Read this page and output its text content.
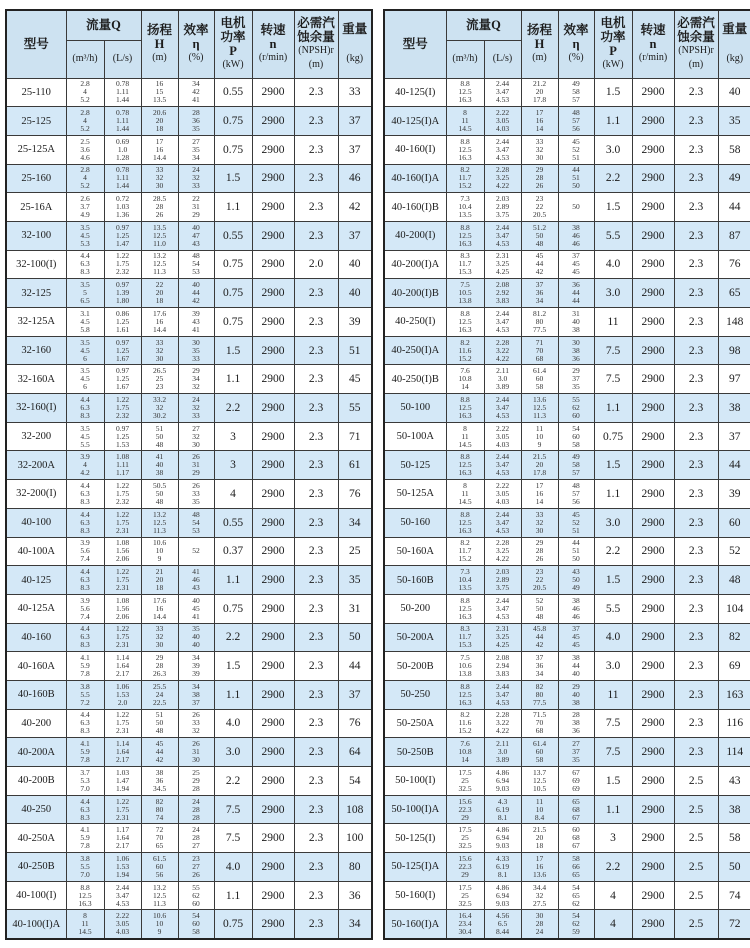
型号	流量Q		扬程
H
(m)	效率
η
(%)	电机
功率
P
(kW)	转速
n
(r/min)	必需汽
蚀余量
(NPSH)r
(m)	重量
(kg)

	(m³/h)	(L/s)						
25-110	2.8
4
5.2	0.78
1.11
1.44	16
15
13.5	34
42
41	0.55	2900	2.3	33
25-125	2.8
4
5.2	0.78
1.11
1.44	20.6
20
18	28
36
35	0.75	2900	2.3	37
25-125A	2.5
3.6
4.6	0.69
1.0
1.28	17
16
14.4	27
35
34	0.75	2900	2.3	37
25-160	2.8
4
5.2	0.78
1.11
1.44	33
32
30	24
32
33	1.5	2900	2.3	46
25-16A	2.6
3.7
4.9	0.72
1.03
1.36	28.5
28
26	22
31
29	1.1	2900	2.3	42
32-100	3.5
4.5
5.3	0.97
1.25
1.47	13.5
12.5
11.0	40
47
43	0.55	2900	2.3	37
32-100(I)	4.4
6.3
8.3	1.22
1.75
2.32	13.2
12.5
11.3	48
54
53	0.75	2900	2.0	40
32-125	3.5
5
6.5	0.97
1.39
1.80	22
20
18	40
44
42	0.75	2900	2.3	40
32-125A	3.1
4.5
5.8	0.86
1.25
1.61	17.6
16
14.4	39
43
41	0.75	2900	2.3	39
32-160	3.5
4.5
6	0.97
1.25
1.67	33
32
30	30
35
33	1.5	2900	2.3	51
32-160A	3.5
4.5
6	0.97
1.25
1.67	26.5
25
23	29
34
32	1.1	2900	2.3	45
32-160(I)	4.4
6.3
8.3	1.22
1.75
2.32	33.2
32
30.2	24
32
33	2.2	2900	2.3	55
32-200	3.5
4.5
5.5	0.97
1.25
1.53	51
50
48	27
32
30	3	2900	2.3	71
32-200A	3.9
4
4.2	1.08
1.11
1.17	41
40
38	26
31
29	3	2900	2.3	61
32-200(I)	4.4
6.3
8.3	1.22
1.75
2.32	50.5
50
48	26
33
35	4	2900	2.3	76
40-100	4.4
6.3
8.3	1.22
1.75
2.31	13.2
12.5
11.3	48
54
53	0.55	2900	2.3	34
40-100A	3.9
5.6
7.4	1.08
1.56
2.06	10.6
10
9	52	0.37	2900	2.3	25
40-125	4.4
6.3
8.3	1.22
1.75
2.31	21
20
18	41
46
43	1.1	2900	2.3	35
40-125A	3.9
5.6
7.4	1.08
1.56
2.06	17.6
16
14.4	40
45
41	0.75	2900	2.3	31
40-160	4.4
6.3
8.3	1.22
1.75
2.31	33
32
30	35
40
40	2.2	2900	2.3	50
40-160A	4.1
5.9
7.8	1.14
1.64
2.17	29
28
26.3	34
39
39	1.5	2900	2.3	44
40-160B	3.8
5.5
7.2	1.06
1.53
2.0	25.5
24
22.5	34
38
37	1.1	2900	2.3	37
40-200	4.4
6.3
8.3	1.22
1.75
2.31	51
50
48	26
33
32	4.0	2900	2.3	76
40-200A	4.1
5.9
7.8	1.14
1.64
2.17	45
44
42	26
31
30	3.0	2900	2.3	64
40-200B	3.7
5.3
7.0	1.03
1.47
1.94	38
36
34.5	25
29
28	2.2	2900	2.3	54
40-250	4.4
6.3
8.3	1.22
1.75
2.31	82
80
74	24
28
28	7.5	2900	2.3	108
40-250A	4.1
5.9
7.8	1.17
1.64
2.17	72
70
65	24
28
27	7.5	2900	2.3	100
40-250B	3.8
5.5
7.0	1.06
1.53
1.94	61.5
60
56	23
27
26	4.0	2900	2.3	80
40-100(I)	8.8
12.5
16.3	2.44
3.47
4.53	13.2
12.5
11.3	55
62
60	1.1	2900	2.3	36
40-100(I)A	8
11
14.5	2.22
3.05
4.03	10.6
10
9	54
60
58	0.75	2900	2.3	34
型号	流量Q		扬程
H
(m)	效率
η
(%)	电机
功率
P
(kW)	转速
n
(r/min)	必需汽
蚀余量
(NPSH)r
(m)	重量
(kg)

	(m³/h)	(L/s)						
40-125(I)	8.8
12.5
16.3	2.44
3.47
4.53	21.2
20
17.8	49
58
57	1.5	2900	2.3	40
40-125(I)A	8
11
14.5	2.22
3.05
4.03	17
16
14	48
57
56	1.1	2900	2.3	35
40-160(I)	8.8
12.5
16.3	2.44
3.47
4.53	33
32
30	45
52
51	3.0	2900	2.3	58
40-160(I)A	8.2
11.7
15.2	2.28
3.25
4.22	29
28
26	44
51
50	2.2	2900	2.3	49
40-160(I)B	7.3
10.4
13.5	2.03
2.89
3.75	23
22
20.5	50	1.5	2900	2.3	44
40-200(I)	8.8
12.5
16.3	2.44
3.47
4.53	51.2
50
48	38
46
46	5.5	2900	2.3	87
40-200(I)A	8.3
11.7
15.3	2.31
3.25
4.25	45
44
42	37
45
45	4.0	2900	2.3	76
40-200(I)B	7.5
10.5
13.8	2.08
2.92
3.83	37
36
34	36
44
44	3.0	2900	2.3	65
40-250(I)	8.8
12.5
16.3	2.44
3.47
4.53	81.2
80
77.5	31
40
38	11	2900	2.3	148
40-250(I)A	8.2
11.6
15.2	2.28
3.22
4.22	71
70
68	30
38
36	7.5	2900	2.3	98
40-250(I)B	7.6
10.8
14	2.11
3.0
3.89	61.4
60
58	29
37
35	7.5	2900	2.3	97
50-100	8.8
12.5
16.3	2.44
3.47
4.53	13.6
12.5
11.3	55
62
60	1.1	2900	2.3	38
50-100A	8
11
14.5	2.22
3.05
4.03	11
10
9	54
60
58	0.75	2900	2.3	37
50-125	8.8
12.5
16.3	2.44
3.47
4.53	21.5
20
17.8	49
58
57	1.5	2900	2.3	44
50-125A	8
11
14.5	2.22
3.05
4.03	17
16
14	48
57
56	1.1	2900	2.3	39
50-160	8.8
12.5
16.3	2.44
3.47
4.53	33
32
30	45
52
51	3.0	2900	2.3	60
50-160A	8.2
11.7
15.2	2.28
3.25
4.22	29
28
26	44
51
50	2.2	2900	2.3	52
50-160B	7.3
10.4
13.5	2.03
2.89
3.75	23
22
20.5	43
50
49	1.5	2900	2.3	48
50-200	8.8
12.5
16.3	2.44
3.47
4.53	52
50
48	38
46
46	5.5	2900	2.3	104
50-200A	8.3
11.7
15.3	2.31
3.25
4.25	45.8
44
42	37
45
45	4.0	2900	2.3	82
50-200B	7.5
10.6
13.8	2.08
2.94
3.83	37
36
34	38
44
40	3.0	2900	2.3	69
50-250	8.8
12.5
16.3	2.44
3.47
4.53	82
80
77.5	29
40
38	11	2900	2.3	163
50-250A	8.2
11.6
15.2	2.28
3.22
4.22	71.5
70
68	28
38
36	7.5	2900	2.3	116
50-250B	7.6
10.8
14	2.11
3.0
3.89	61.4
60
58	27
37
35	7.5	2900	2.3	114
50-100(I)	17.5
25
32.5	4.86
6.94
9.03	13.7
12.5
10.5	67
69
69	1.5	2900	2.5	43
50-100(I)A	15.6
22.3
29	4.3
6.19
8.1	11
10
8.4	65
68
67	1.1	2900	2.5	38
50-125(I)	17.5
25
32.5	4.86
6.94
9.03	21.5
20
18	60
68
67	3	2900	2.5	58
50-125(I)A	15.6
22.3
29	4.33
6.19
8.1	17
16
13.6	58
66
65	2.2	2900	2.5	50
50-160(I)	17.5
25
32.5	4.86
6.94
9.03	34.4
32
27.5	54
65
62	4	2900	2.5	74
50-160(I)A	16.4
23.4
30.4	4.56
6.5
8.44	30
28
24	54
62
59	4	2900	2.5	72
